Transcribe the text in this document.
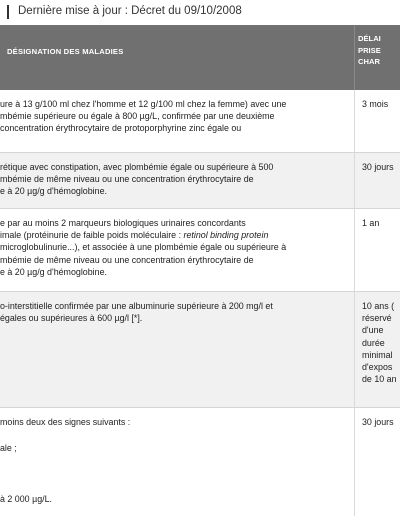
Dernière mise à jour : Décret du 09/10/2008
DÉSIGNATION DES MALADIES
DÉLAI
PRISE
CHAR
ure à 13 g/100 ml chez l'homme et 12 g/100 ml chez la femme) avec une
mbémie supérieure ou égale à 800 µg/L, confirmée par une deuxième
concentration érythrocytaire de protoporphyrine zinc égale ou
3 mois
rétique avec constipation, avec plombémie égale ou supérieure à 500
mbémie de même niveau ou une concentration érythrocytaire de
e à 20 µg/g d'hémoglobine.
30 jours
e par au moins 2 marqueurs biologiques urinaires concordants
imale (protéinurie de faible poids moléculaire : retinol binding protein
microglobulinurie...), et associée à une plombémie égale ou supérieure à
mbémie de même niveau ou une concentration érythrocytaire de
e à 20 µg/g d'hémoglobine.
1 an
o-interstitielle confirmée par une albuminurie supérieure à 200 mg/l et
égales ou supérieures à 600 µg/l [*].
10 ans (
réservé
d'une
durée
minimal
d'expos
de 10 an
moins deux des signes suivants :

ale ;

à 2 000 µg/L.
30 jours
